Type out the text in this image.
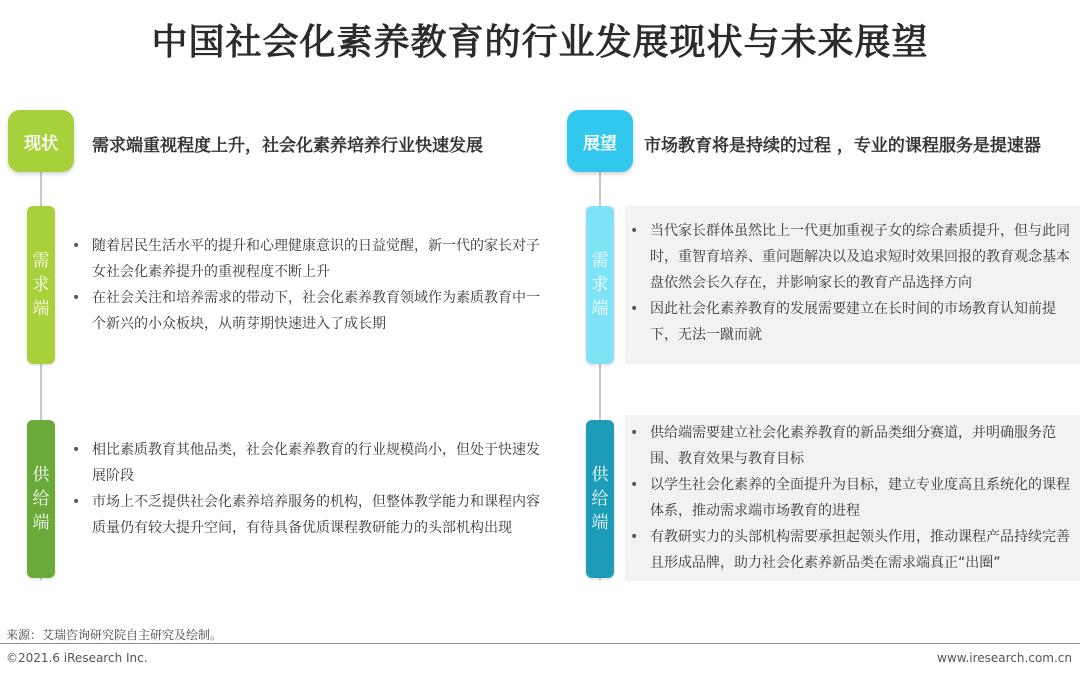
中国社会化素养教育的行业发展现状与未来展望
现状	需求端重视程度上升，社会化素养培养行业快速发展
需
求
端
• 随着居民生活水平的提升和心理健康意识的日益觉醒，新一代的家长对子女社会化素养提升的重视程度不断上升
• 在社会关注和培养需求的带动下，社会化素养教育领域作为素质教育中一个新兴的小众板块，从萌芽期快速进入了成长期
供
给
端
• 相比素质教育其他品类，社会化素养教育的行业规模尚小，但处于快速发展阶段
• 市场上不乏提供社会化素养培养服务的机构，但整体教学能力和课程内容质量仍有较大提升空间，有待具备优质课程教研能力的头部机构出现
展望	市场教育将是持续的过程 ，专业的课程服务是提速器
需
求
端
• 当代家长群体虽然比上一代更加重视子女的综合素质提升，但与此同时，重智育培养、重问题解决以及追求短时效果回报的教育观念基本盘依然会长久存在，并影响家长的教育产品选择方向
• 因此社会化素养教育的发展需要建立在长时间的市场教育认知前提下，无法一蹴而就
供
给
端
• 供给端需要建立社会化素养教育的新品类细分赛道，并明确服务范围、教育效果与教育目标
• 以学生社会化素养的全面提升为目标，建立专业度高且系统化的课程体系，推动需求端市场教育的进程
• 有教研实力的头部机构需要承担起领头作用，推动课程产品持续完善且形成品牌，助力社会化素养新品类在需求端真正“出圈”
来源：艾瑞咨询研究院自主研究及绘制。
©2021.6 iResearch Inc.	www.iresearch.com.cn
